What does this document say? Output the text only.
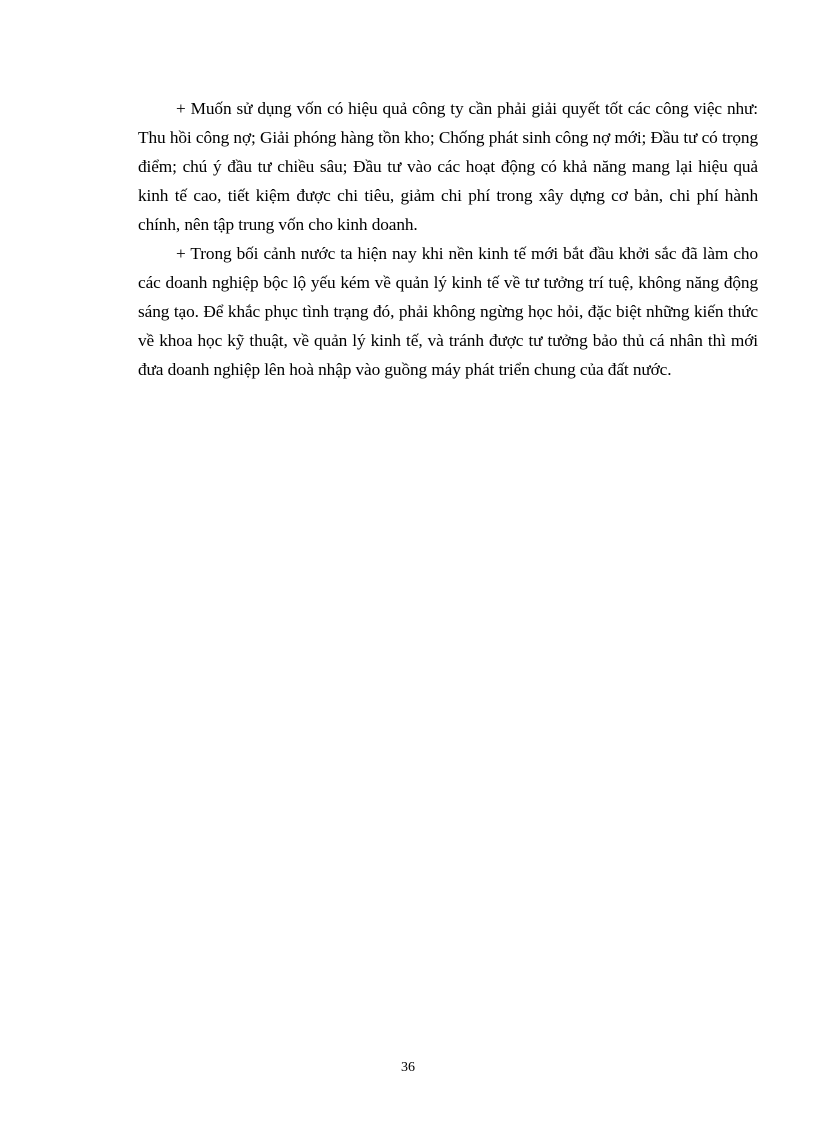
+ Muốn sử dụng vốn có hiệu quả công ty cần phải giải quyết tốt các công việc như: Thu hồi công nợ; Giải phóng hàng tồn kho; Chống phát sinh công nợ mới; Đầu tư có trọng điểm; chú ý đầu tư chiều sâu; Đầu tư vào các hoạt động có khả năng mang lại hiệu quả kinh tế cao, tiết kiệm được chi tiêu, giảm chi phí trong xây dựng cơ bản, chi phí hành chính, nên tập trung vốn cho kinh doanh.

+ Trong bối cảnh nước ta hiện nay khi nền kinh tế mới bắt đầu khởi sắc đã làm cho các doanh nghiệp bộc lộ yếu kém về quản lý kinh tế về tư tưởng trí tuệ, không năng động sáng tạo. Để khắc phục tình trạng đó, phải không ngừng học hỏi, đặc biệt những kiến thức về khoa học kỹ thuật, về quản lý kinh tế, và tránh được tư tưởng bảo thủ cá nhân thì mới đưa doanh nghiệp lên hoà nhập vào guồng máy phát triển chung của đất nước.

36
